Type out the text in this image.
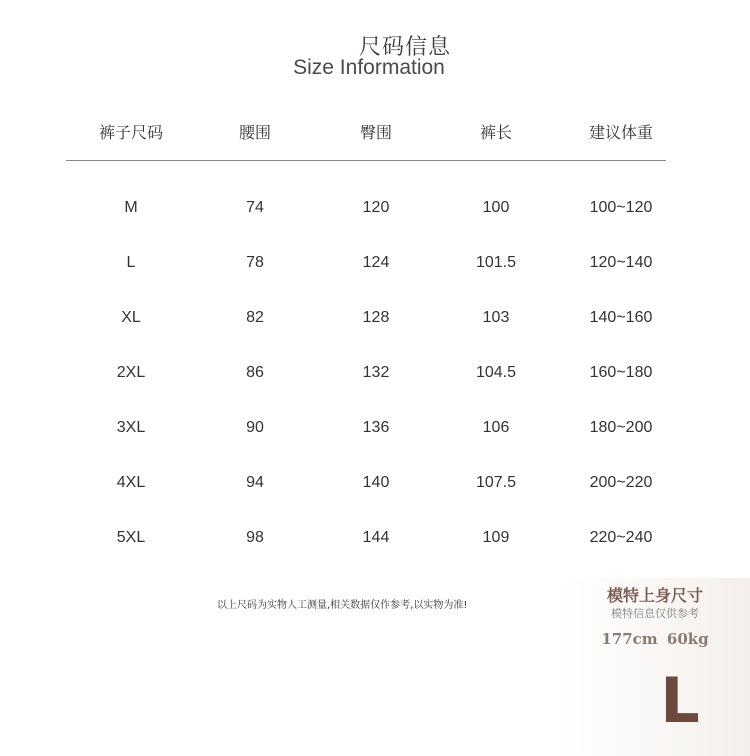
尺码信息
Size Information
裤子尺码	腰围	臀围	裤长	建议体重
M	74	120	100	100~120
L	78	124	101.5	120~140
XL	82	128	103	140~160
2XL	86	132	104.5	160~180
3XL	90	136	106	180~200
4XL	94	140	107.5	200~220
5XL	98	144	109	220~240
以上尺码为实物人工测量,相关数据仅作参考,以实物为准!
模特上身尺寸
模特信息仅供参考
177cm 60kg
L
